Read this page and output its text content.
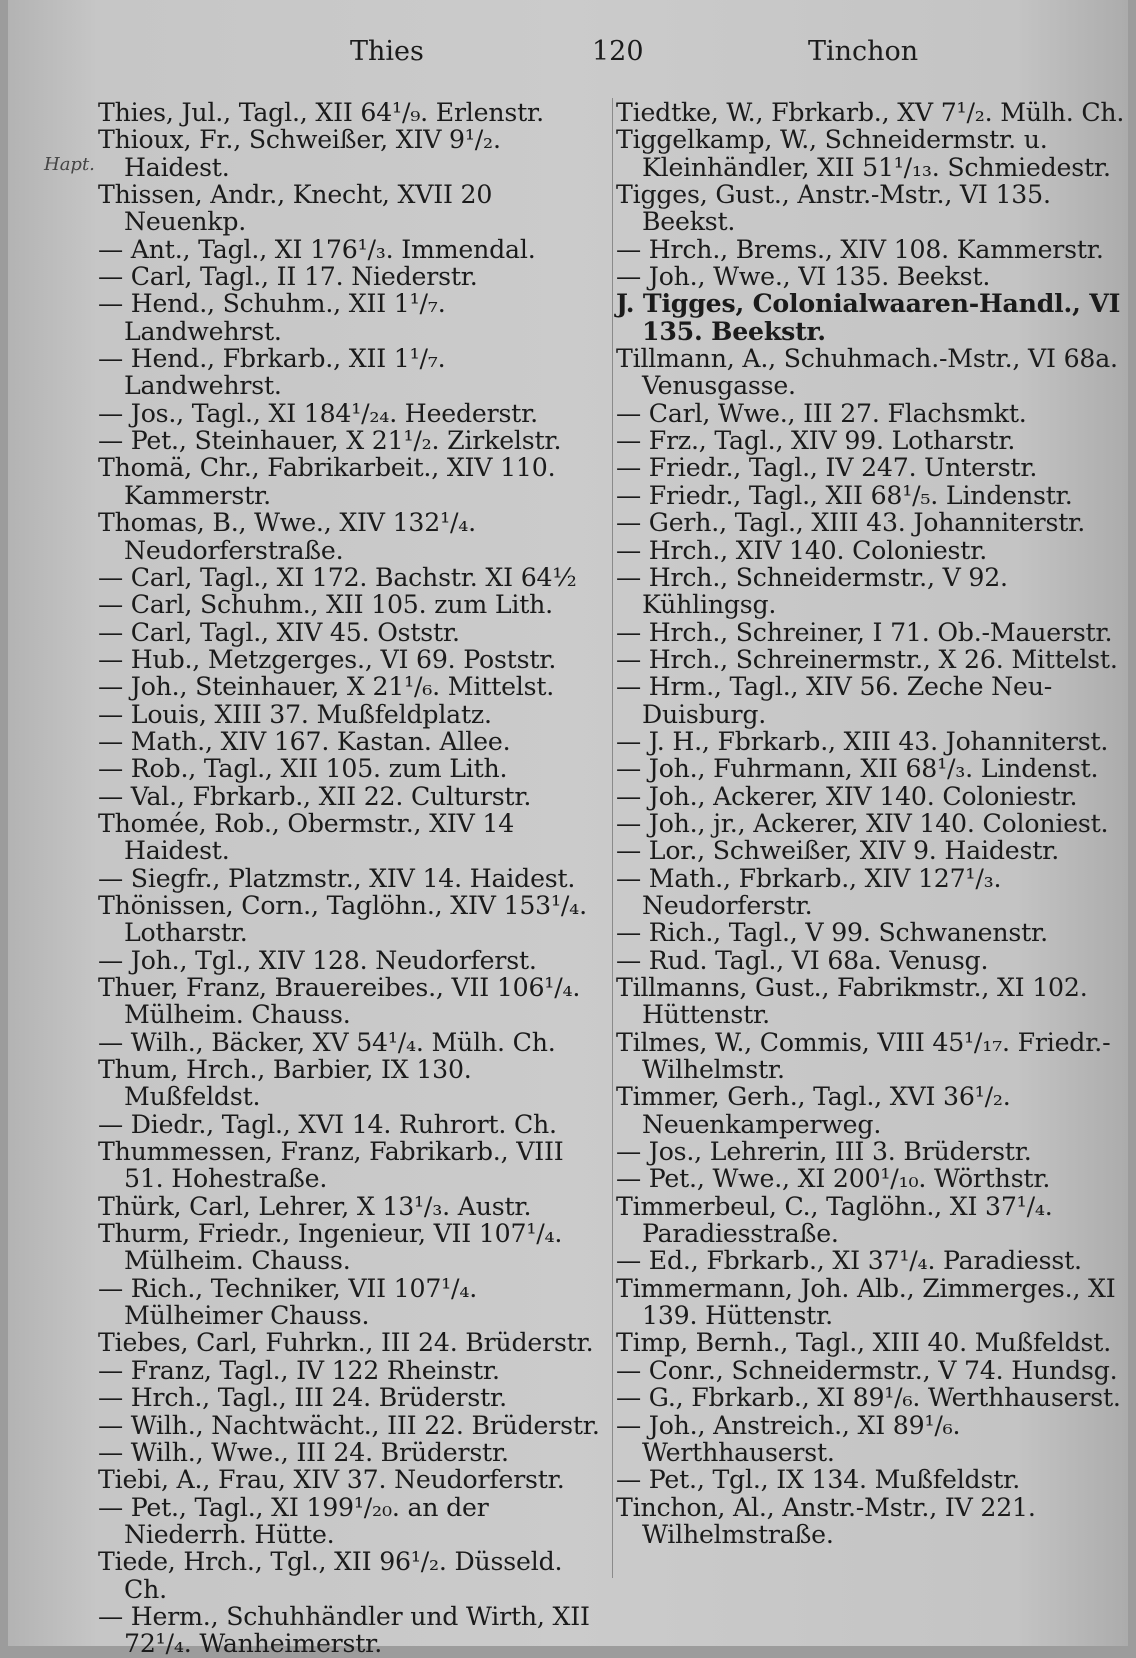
Thies	120	Tinchon
Hapt.
Thies, Jul., Tagl., XII 64¹/₉. Erlenstr.
Thioux, Fr., Schweißer, XIV 9¹/₂. Haidest.
Thissen, Andr., Knecht, XVII 20 Neuenkp.
— Ant., Tagl., XI 176¹/₃. Immendal.
— Carl, Tagl., II 17. Niederstr.
— Hend., Schuhm., XII 1¹/₇. Landwehrst.
— Hend., Fbrkarb., XII 1¹/₇. Landwehrst.
— Jos., Tagl., XI 184¹/₂₄. Heederstr.
— Pet., Steinhauer, X 21¹/₂. Zirkelstr.
Thomä, Chr., Fabrikarbeit., XIV 110. Kammerstr.
Thomas, B., Wwe., XIV 132¹/₄. Neudorferstraße.
— Carl, Tagl., XI 172. Bachstr. XI 64½
— Carl, Schuhm., XII 105. zum Lith.
— Carl, Tagl., XIV 45. Oststr.
— Hub., Metzgerges., VI 69. Poststr.
— Joh., Steinhauer, X 21¹/₆. Mittelst.
— Louis, XIII 37. Mußfeldplatz.
— Math., XIV 167. Kastan. Allee.
— Rob., Tagl., XII 105. zum Lith.
— Val., Fbrkarb., XII 22. Culturstr.
Thomée, Rob., Obermstr., XIV 14 Haidest.
— Siegfr., Platzmstr., XIV 14. Haidest.
Thönissen, Corn., Taglöhn., XIV 153¹/₄. Lotharstr.
— Joh., Tgl., XIV 128. Neudorferst.
Thuer, Franz, Brauereibes., VII 106¹/₄. Mülheim. Chauss.
— Wilh., Bäcker, XV 54¹/₄. Mülh. Ch.
Thum, Hrch., Barbier, IX 130. Mußfeldst.
— Diedr., Tagl., XVI 14. Ruhrort. Ch.
Thummessen, Franz, Fabrikarb., VIII 51. Hohestraße.
Thürk, Carl, Lehrer, X 13¹/₃. Austr.
Thurm, Friedr., Ingenieur, VII 107¹/₄. Mülheim. Chauss.
— Rich., Techniker, VII 107¹/₄. Mülheimer Chauss.
Tiebes, Carl, Fuhrkn., III 24. Brüderstr.
— Franz, Tagl., IV 122 Rheinstr.
— Hrch., Tagl., III 24. Brüderstr.
— Wilh., Nachtwächt., III 22. Brüderstr.
— Wilh., Wwe., III 24. Brüderstr.
Tiebi, A., Frau, XIV 37. Neudorferstr.
— Pet., Tagl., XI 199¹/₂₀. an der Niederrh. Hütte.
Tiede, Hrch., Tgl., XII 96¹/₂. Düsseld. Ch.
— Herm., Schuhhändler und Wirth, XII 72¹/₄. Wanheimerstr.
Tiedtke, W., Fbrkarb., XV 7¹/₂. Mülh. Ch.
Tiggelkamp, W., Schneidermstr. u. Kleinhändler, XII 51¹/₁₃. Schmiedestr.
Tigges, Gust., Anstr.-Mstr., VI 135. Beekst.
— Hrch., Brems., XIV 108. Kammerstr.
— Joh., Wwe., VI 135. Beekst.
J. Tigges, Colonialwaaren-Handl., VI 135. Beekstr.
Tillmann, A., Schuhmach.-Mstr., VI 68a. Venusgasse.
— Carl, Wwe., III 27. Flachsmkt.
— Frz., Tagl., XIV 99. Lotharstr.
— Friedr., Tagl., IV 247. Unterstr.
— Friedr., Tagl., XII 68¹/₅. Lindenstr.
— Gerh., Tagl., XIII 43. Johanniterstr.
— Hrch., XIV 140. Coloniestr.
— Hrch., Schneidermstr., V 92. Kühlingsg.
— Hrch., Schreiner, I 71. Ob.-Mauerstr.
— Hrch., Schreinermstr., X 26. Mittelst.
— Hrm., Tagl., XIV 56. Zeche Neu-Duisburg.
— J. H., Fbrkarb., XIII 43. Johanniterst.
— Joh., Fuhrmann, XII 68¹/₃. Lindenst.
— Joh., Ackerer, XIV 140. Coloniestr.
— Joh., jr., Ackerer, XIV 140. Coloniest.
— Lor., Schweißer, XIV 9. Haidestr.
— Math., Fbrkarb., XIV 127¹/₃. Neudorferstr.
— Rich., Tagl., V 99. Schwanenstr.
— Rud. Tagl., VI 68a. Venusg.
Tillmanns, Gust., Fabrikmstr., XI 102. Hüttenstr.
Tilmes, W., Commis, VIII 45¹/₁₇. Friedr.-Wilhelmstr.
Timmer, Gerh., Tagl., XVI 36¹/₂. Neuenkamperweg.
— Jos., Lehrerin, III 3. Brüderstr.
— Pet., Wwe., XI 200¹/₁₀. Wörthstr.
Timmerbeul, C., Taglöhn., XI 37¹/₄. Paradiesstraße.
— Ed., Fbrkarb., XI 37¹/₄. Paradiesst.
Timmermann, Joh. Alb., Zimmerges., XI 139. Hüttenstr.
Timp, Bernh., Tagl., XIII 40. Mußfeldst.
— Conr., Schneidermstr., V 74. Hundsg.
— G., Fbrkarb., XI 89¹/₆. Werthhauserst.
— Joh., Anstreich., XI 89¹/₆. Werthhauserst.
— Pet., Tgl., IX 134. Mußfeldstr.
Tinchon, Al., Anstr.-Mstr., IV 221. Wilhelmstraße.
